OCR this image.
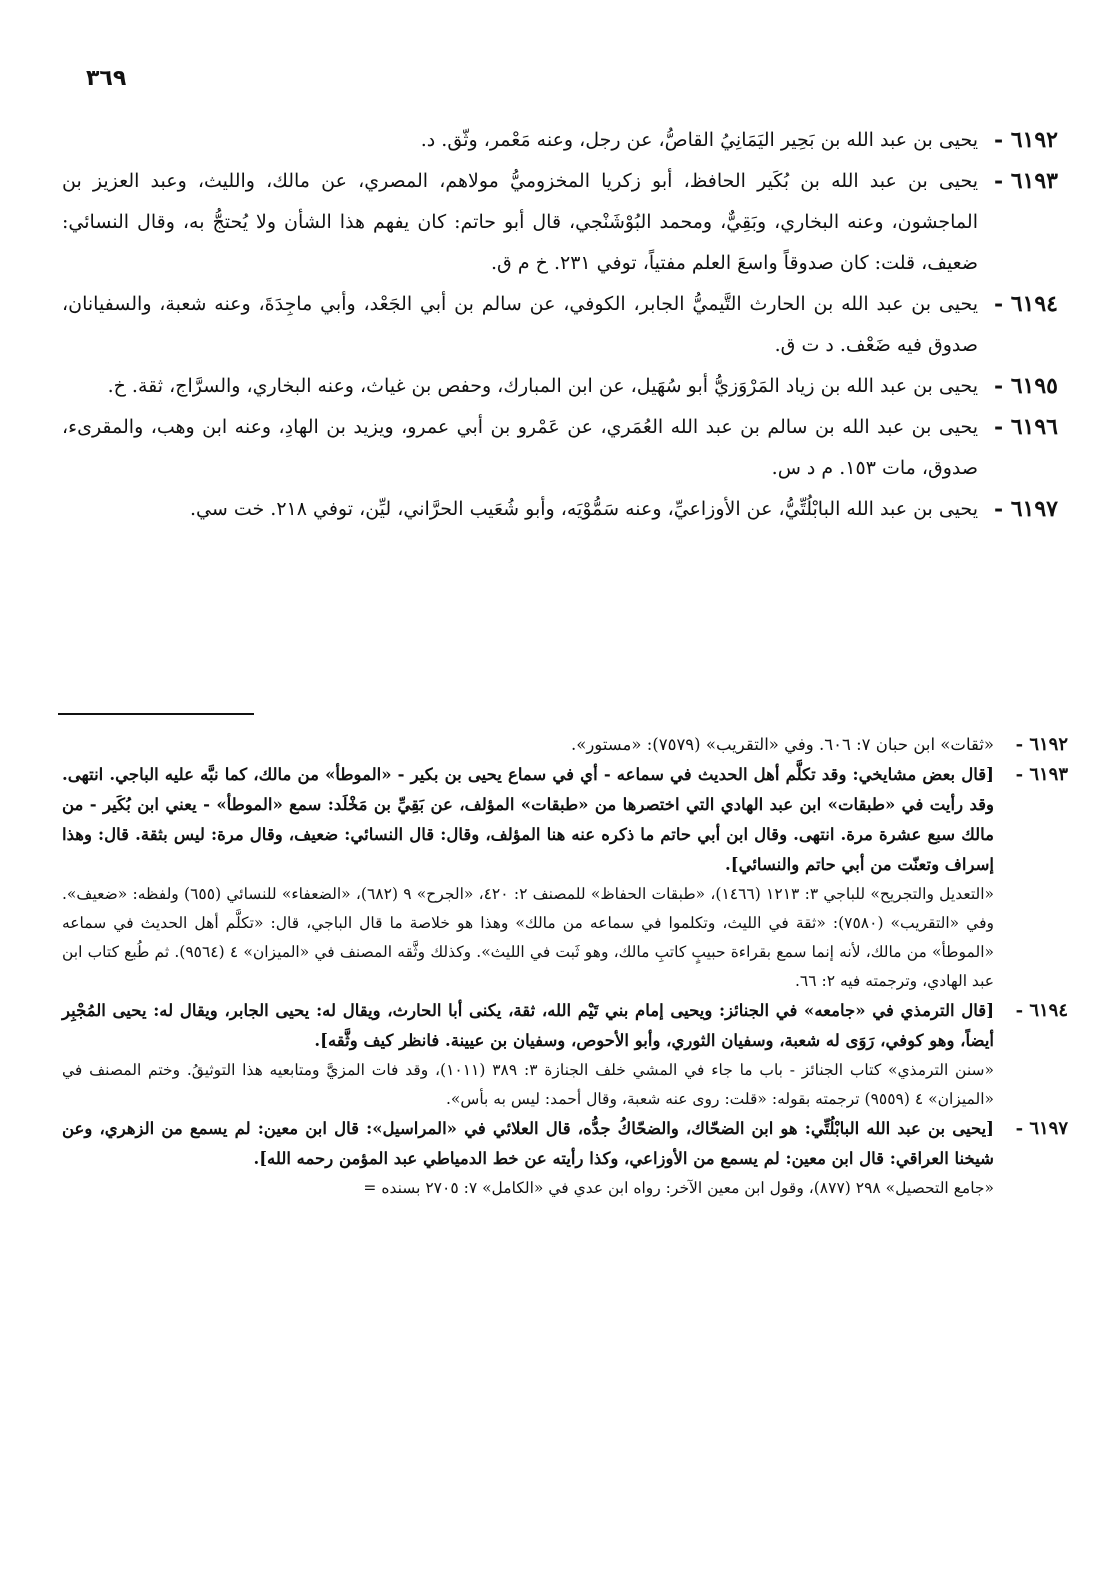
٣٦٩
٦١٩٢ -
يحيى بن عبد الله بن بَحِير اليَمَانِيُ القاصُّ، عن رجل، وعنه مَعْمر، وثّق. د.
٦١٩٣ -
يحيى بن عبد الله بن بُكَير الحافظ، أبو زكريا المخزوميُّ مولاهم، المصري، عن مالك، والليث، وعبد العزيز بن الماجشون، وعنه البخاري، وبَقِيٌّ، ومحمد البُوْشَنْجي، قال أبو حاتم: كان يفهم هذا الشأن ولا يُحتجُّ به، وقال النسائي: ضعيف، قلت: كان صدوقاً واسعَ العلم مفتياً، توفي ٢٣١. خ م ق.
٦١٩٤ -
يحيى بن عبد الله بن الحارث التَّيميُّ الجابر، الكوفي، عن سالم بن أبي الجَعْد، وأبي ماجِدَةَ، وعنه شعبة، والسفيانان، صدوق فيه ضَعْف. د ت ق.
٦١٩٥ -
يحيى بن عبد الله بن زياد المَرْوَزيُّ أبو سُهَيل، عن ابن المبارك، وحفص بن غياث، وعنه البخاري، والسرَّاج، ثقة. خ.
٦١٩٦ -
يحيى بن عبد الله بن سالم بن عبد الله العُمَري، عن عَمْرو بن أبي عمرو، ويزيد بن الهادِ، وعنه ابن وهب، والمقرىء، صدوق، مات ١٥٣. م د س.
٦١٩٧ -
يحيى بن عبد الله البابْلُتِّيُّ، عن الأوزاعيِّ، وعنه سَمُّوْيَه، وأبو شُعَيب الحرَّاني، ليِّن، توفي ٢١٨. خت سي.
٦١٩٢ -
«ثقات» ابن حبان ٧: ٦٠٦. وفي «التقريب» (٧٥٧٩): «مستور».
٦١٩٣ -
[قال بعض مشايخي: وقد تكلَّم أهل الحديث في سماعه - أي في سماع يحيى بن بكير - «الموطأ» من مالك، كما نبَّه عليه الباجي. انتهى. وقد رأيت في «طبقات» ابن عبد الهادي التي اختصرها من «طبقات» المؤلف، عن بَقِيِّ بن مَخْلَد: سمع «الموطأ» - يعني ابن بُكَير - من مالك سبع عشرة مرة. انتهى. وقال ابن أبي حاتم ما ذكره عنه هنا المؤلف، وقال: قال النسائي: ضعيف، وقال مرة: ليس بثقة. قال: وهذا إسراف وتعنّت من أبي حاتم والنسائي].
«التعديل والتجريح» للباجي ٣: ١٢١٣ (١٤٦٦)، «طبقات الحفاظ» للمصنف ٢: ٤٢٠، «الجرح» ٩ (٦٨٢)، «الضعفاء» للنسائي (٦٥٥) ولفظه: «ضعيف». وفي «التقريب» (٧٥٨٠): «ثقة في الليث، وتكلموا في سماعه من مالك» وهذا هو خلاصة ما قال الباجي، قال: «تكلَّم أهل الحديث في سماعه «الموطأ» من مالك، لأنه إنما سمع بقراءة حبيبٍ كاتبِ مالك، وهو ثَبت في الليث». وكذلك وثَّقه المصنف في «الميزان» ٤ (٩٥٦٤). ثم طُبع كتاب ابن عبد الهادي، وترجمته فيه ٢: ٦٦.
٦١٩٤ -
[قال الترمذي في «جامعه» في الجنائز: ويحيى إمام بني تَيْم الله، ثقة، يكنى أبا الحارث، ويقال له: يحيى الجابر، ويقال له: يحيى المُجْبِر أيضاً، وهو كوفي، رَوَى له شعبة، وسفيان الثوري، وأبو الأحوص، وسفيان بن عيينة. فانظر كيف وثَّقه].
«سنن الترمذي» كتاب الجنائز - باب ما جاء في المشي خلف الجنازة ٣: ٣٨٩ (١٠١١)، وقد فات المزيَّ ومتابعيه هذا التوثيقُ. وختم المصنف في «الميزان» ٤ (٩٥٥٩) ترجمته بقوله: «قلت: روى عنه شعبة، وقال أحمد: ليس به بأس».
٦١٩٧ -
[يحيى بن عبد الله البابْلُتِّي: هو ابن الضحّاك، والضحّاكُ جدُّه، قال العلائي في «المراسيل»: قال ابن معين: لم يسمع من الزهري، وعن شيخنا العراقي: قال ابن معين: لم يسمع من الأوزاعي، وكذا رأيته عن خط الدمياطي عبد المؤمن رحمه الله].
«جامع التحصيل» ٢٩٨ (٨٧٧)، وقول ابن معين الآخر: رواه ابن عدي في «الكامل» ٧: ٢٧٠٥ بسنده =
